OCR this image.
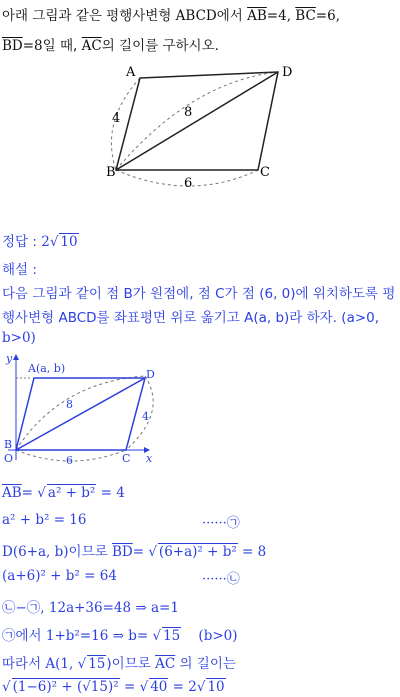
아래 그림과 같은 평행사변형 ABCD에서 $\overline{AB}=4$, $\overline{BC}=6$,
$\overline{BD}=8$일 때, $\overline{AC}$의 길이를 구하시오.
A	D
B	C
4	8
6
정답 : 2√ 10
해설 :
다음 그림과 같이 점 B가 원점에, 점 C가 점 (6, 0)에 위치하도록 평
행사변형 ABCD를 좌표평면 위로 옮기고 A(a, b)라 하자. (a>0,
b>0)
y
x
A(a, b)	D
B
O	C
8
4
6
$\overline{AB}=$ √ a² + b² = 4
a² + b² = 16	······㉠
D(6+a, b)이므로 $\overline{BD}=$ √ (6+a)² + b² = 8
(a+6)² + b² = 64	······㉡
㉡−㉠, 12a+36=48 ⇒ a=1
㉠에서 1+b²=16 ⇒ b= √ 15    (b>0)
따라서 A(1, √ 15)이므로 $\overline{AC}$ 의 길이는
√ (1−6)² + (√15)² = √ 40 = 2√ 10
